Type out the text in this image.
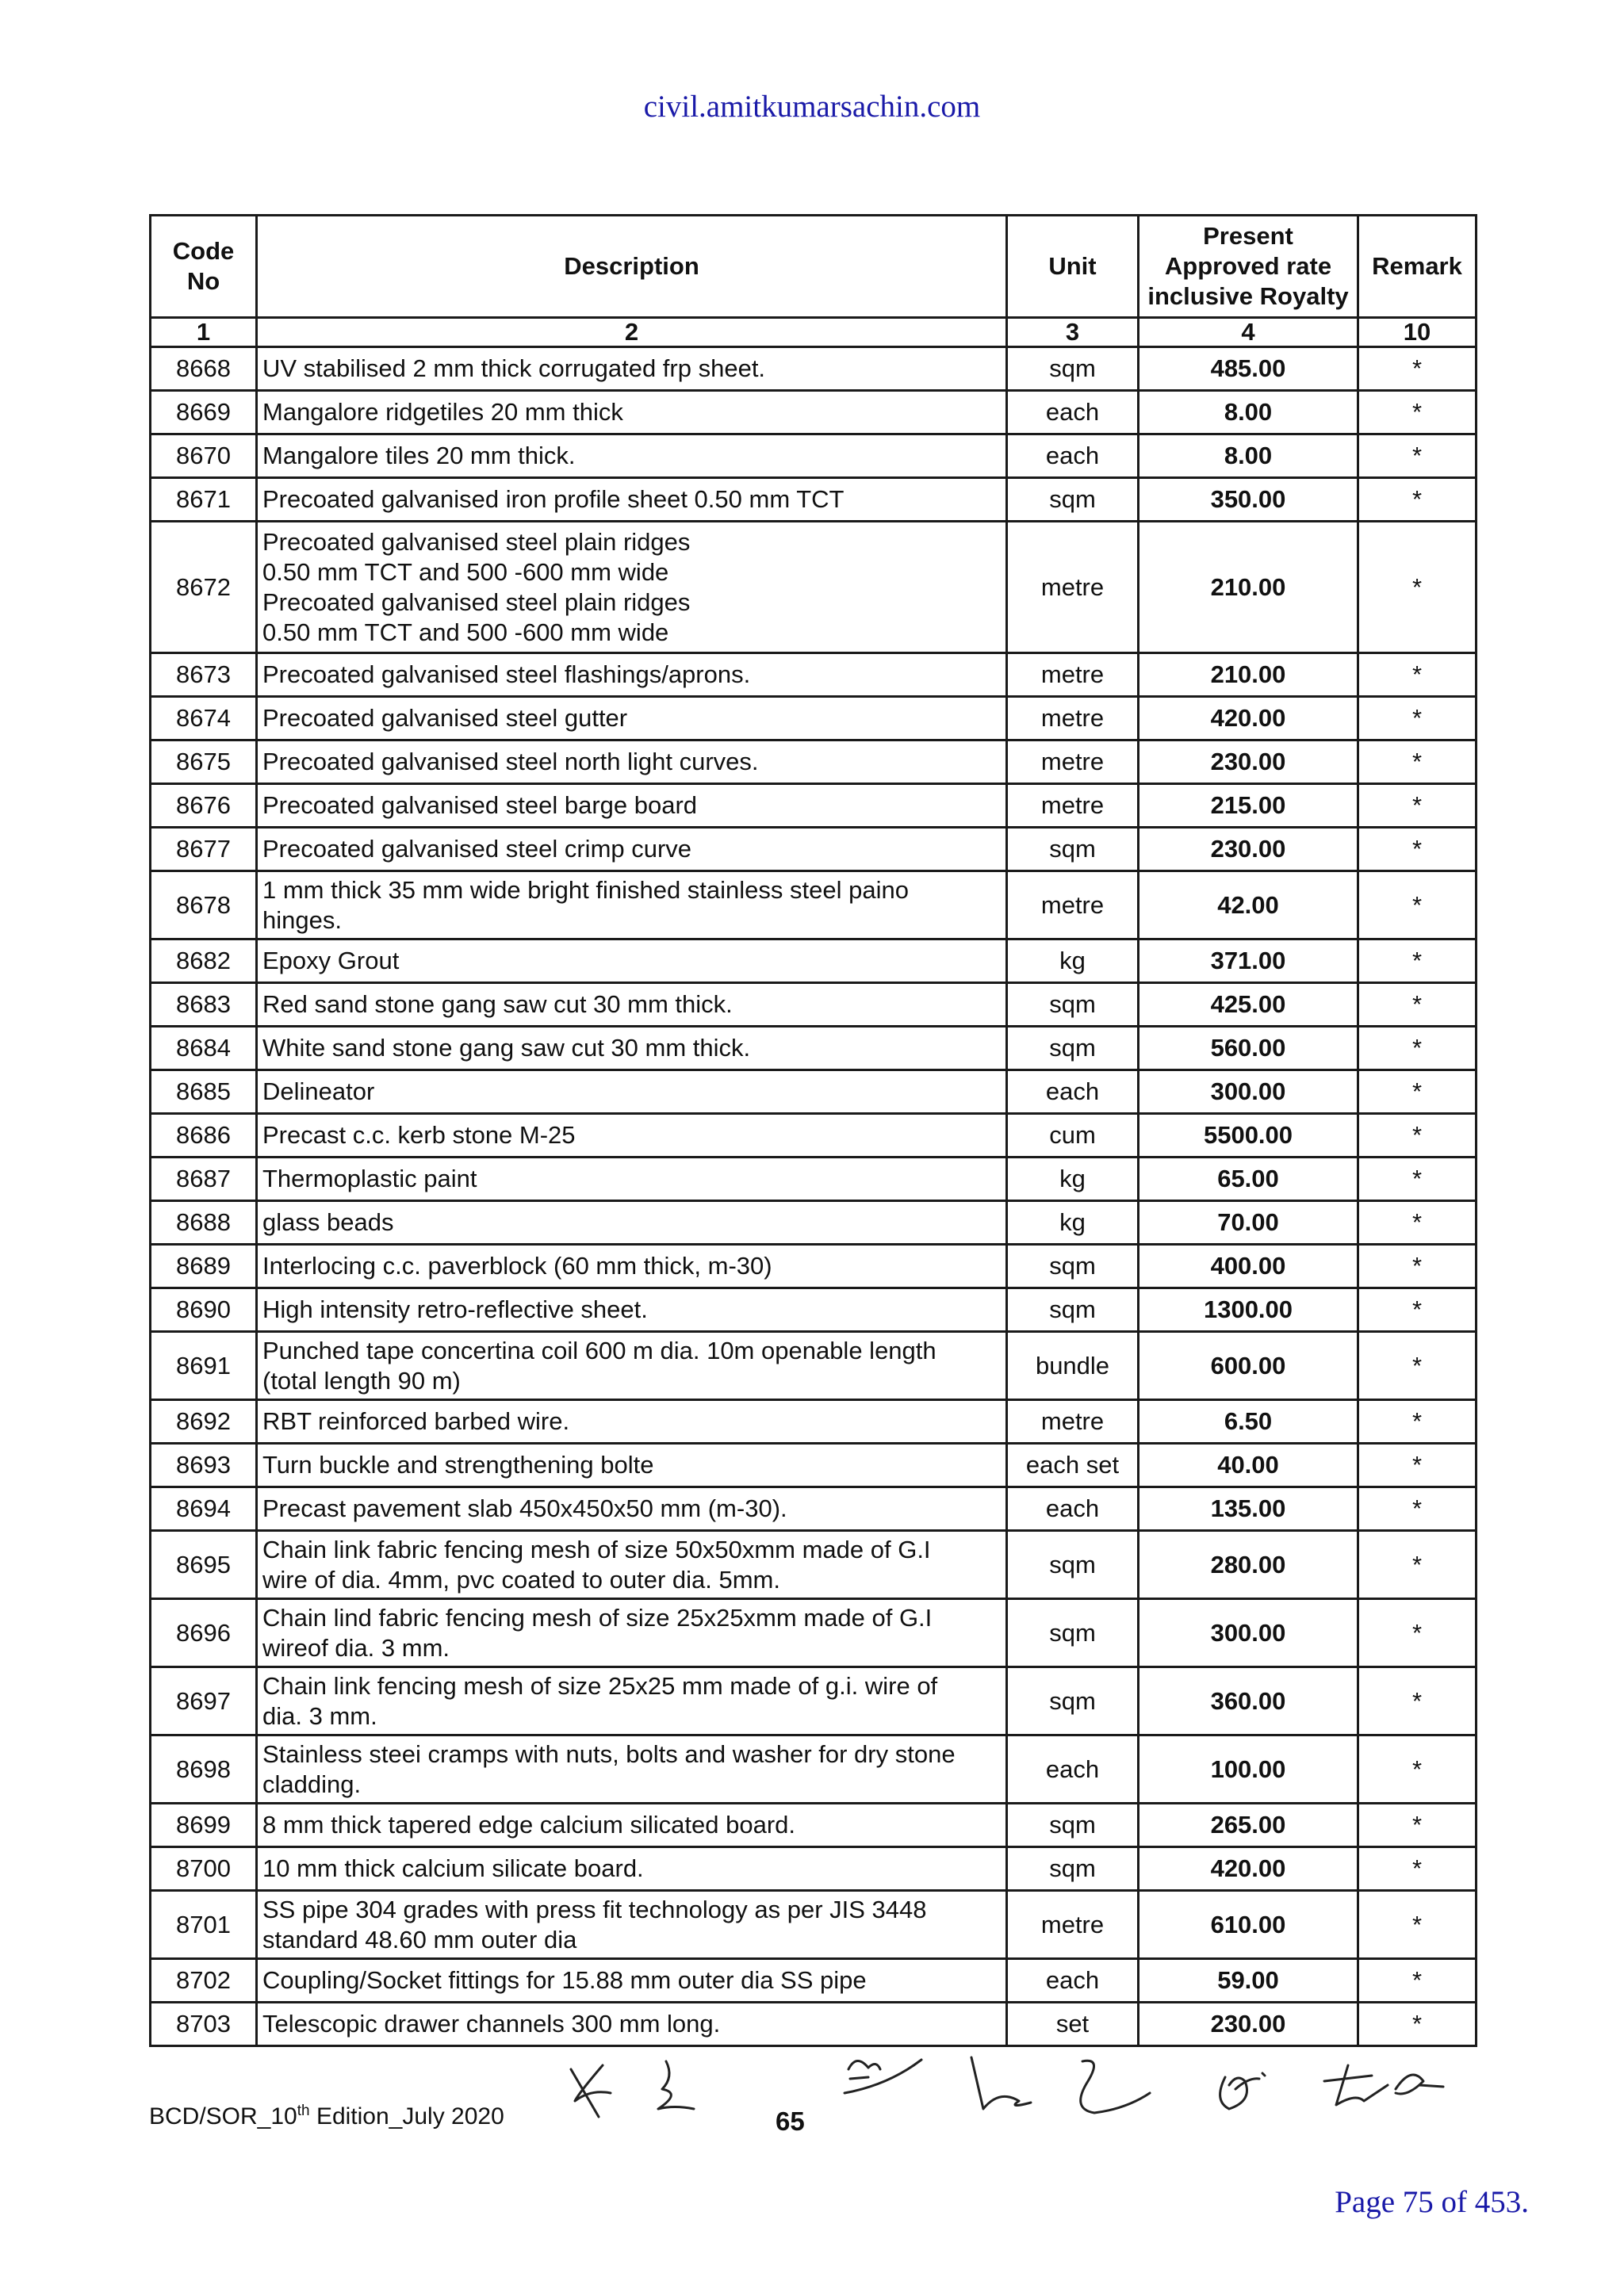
civil.amitkumarsachin.com
Code
No	Description	Unit	Present
Approved rate
inclusive Royalty	Remark
1	2	3	4	10
8668	UV stabilised 2 mm thick corrugated frp sheet.	sqm	485.00	*
8669	Mangalore ridgetiles 20 mm thick	each	8.00	*
8670	Mangalore tiles 20 mm thick.	each	8.00	*
8671	Precoated galvanised iron profile sheet 0.50 mm TCT	sqm	350.00	*
8672	Precoated galvanised steel plain ridges
0.50 mm TCT and 500 -600 mm wide
Precoated galvanised steel plain ridges
0.50 mm TCT and 500 -600 mm wide	metre	210.00	*
8673	Precoated galvanised steel flashings/aprons.	metre	210.00	*
8674	Precoated galvanised steel gutter	metre	420.00	*
8675	Precoated galvanised steel north light curves.	metre	230.00	*
8676	Precoated galvanised steel barge board	metre	215.00	*
8677	Precoated galvanised steel crimp curve	sqm	230.00	*
8678	1 mm thick 35 mm wide bright finished stainless steel paino
hinges.	metre	42.00	*
8682	Epoxy Grout	kg	371.00	*
8683	Red sand stone gang saw cut 30 mm thick.	sqm	425.00	*
8684	White sand stone gang saw cut 30 mm thick.	sqm	560.00	*
8685	Delineator	each	300.00	*
8686	Precast c.c. kerb stone M-25	cum	5500.00	*
8687	Thermoplastic paint	kg	65.00	*
8688	glass beads	kg	70.00	*
8689	Interlocing c.c. paverblock (60 mm thick, m-30)	sqm	400.00	*
8690	High intensity retro-reflective sheet.	sqm	1300.00	*
8691	Punched tape concertina coil 600 m dia. 10m openable length
(total length 90 m)	bundle	600.00	*
8692	RBT reinforced barbed wire.	metre	6.50	*
8693	Turn buckle and strengthening bolte	each set	40.00	*
8694	Precast pavement slab 450x450x50 mm (m-30).	each	135.00	*
8695	Chain link fabric fencing mesh of size 50x50xmm made of G.I
wire of dia. 4mm, pvc coated to outer dia. 5mm.	sqm	280.00	*
8696	Chain lind fabric fencing mesh of size 25x25xmm made of G.I
wireof dia. 3 mm.	sqm	300.00	*
8697	Chain link fencing mesh of size 25x25 mm made of g.i. wire of
dia. 3 mm.	sqm	360.00	*
8698	Stainless steei cramps with nuts, bolts and washer for dry stone
cladding.	each	100.00	*
8699	8 mm thick tapered edge calcium silicated board.	sqm	265.00	*
8700	10 mm thick calcium silicate board.	sqm	420.00	*
8701	SS pipe 304 grades with press fit technology as per JIS 3448
standard 48.60 mm outer dia	metre	610.00	*
8702	Coupling/Socket fittings for 15.88 mm outer dia SS pipe	each	59.00	*
8703	Telescopic drawer channels 300 mm long.	set	230.00	*
BCD/SOR_10th Edition_July 2020	65
Page 75 of 453.
